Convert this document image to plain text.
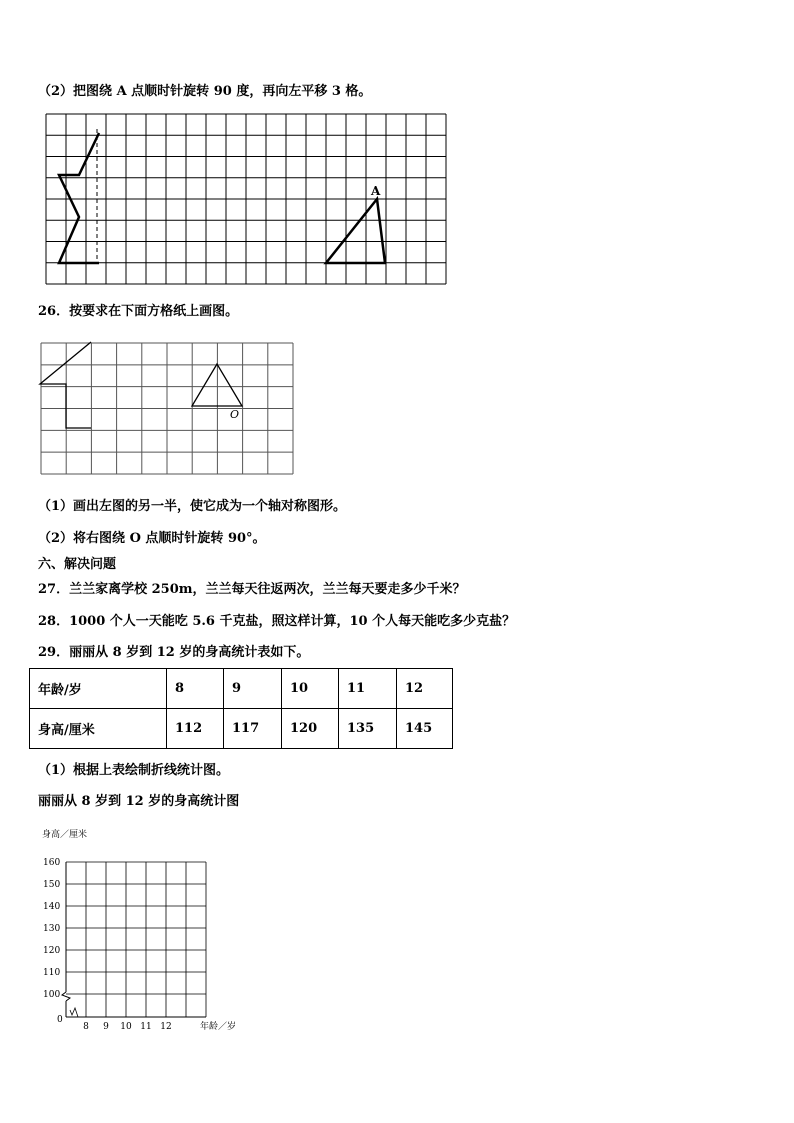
（2）把图绕 A 点顺时针旋转 90 度，再向左平移 3 格。
A
26．按要求在下面方格纸上画图。
O
（1）画出左图的另一半，使它成为一个轴对称图形。
（2）将右图绕 O 点顺时针旋转 90°。
六、解决问题
27．兰兰家离学校 250m，兰兰每天往返两次，兰兰每天要走多少千米？
28．1000 个人一天能吃 5.6 千克盐，照这样计算，10 个人每天能吃多少克盐？
29．丽丽从 8 岁到 12 岁的身高统计表如下。
年龄/岁	8	9	10	11	12
身高/厘米	112	117	120	135	145
（1）根据上表绘制折线统计图。
丽丽从 8 岁到 12 岁的身高统计图
身高／厘米
0
160
150
140
130
120
110
100
8 9 10 11 12	年龄／岁
